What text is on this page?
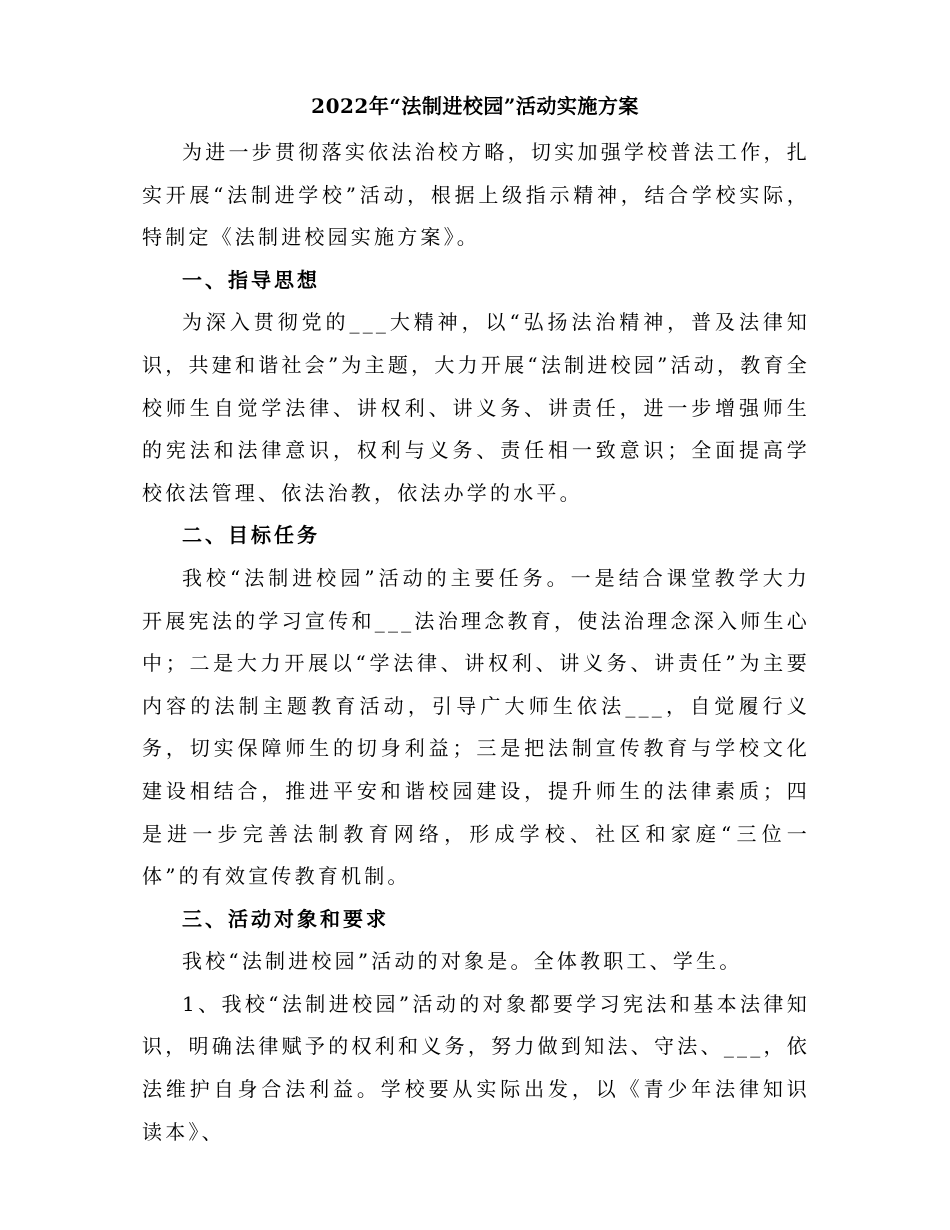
2022年“法制进校园”活动实施方案

为进一步贯彻落实依法治校方略，切实加强学校普法工作，扎实开展“法制进学校”活动，根据上级指示精神，结合学校实际，特制定《法制进校园实施方案》。

一、指导思想

为深入贯彻党的___大精神，以“弘扬法治精神，普及法律知识，共建和谐社会”为主题，大力开展“法制进校园”活动，教育全校师生自觉学法律、讲权利、讲义务、讲责任，进一步增强师生的宪法和法律意识，权利与义务、责任相一致意识；全面提高学校依法管理、依法治教，依法办学的水平。

二、目标任务

我校“法制进校园”活动的主要任务。一是结合课堂教学大力开展宪法的学习宣传和___法治理念教育，使法治理念深入师生心中；二是大力开展以“学法律、讲权利、讲义务、讲责任”为主要内容的法制主题教育活动，引导广大师生依法___，自觉履行义务，切实保障师生的切身利益；三是把法制宣传教育与学校文化建设相结合，推进平安和谐校园建设，提升师生的法律素质；四是进一步完善法制教育网络，形成学校、社区和家庭“三位一体”的有效宣传教育机制。

三、活动对象和要求

我校“法制进校园”活动的对象是。全体教职工、学生。

1、我校“法制进校园”活动的对象都要学习宪法和基本法律知识，明确法律赋予的权利和义务，努力做到知法、守法、___，依法维护自身合法利益。学校要从实际出发，以《青少年法律知识读本》、
